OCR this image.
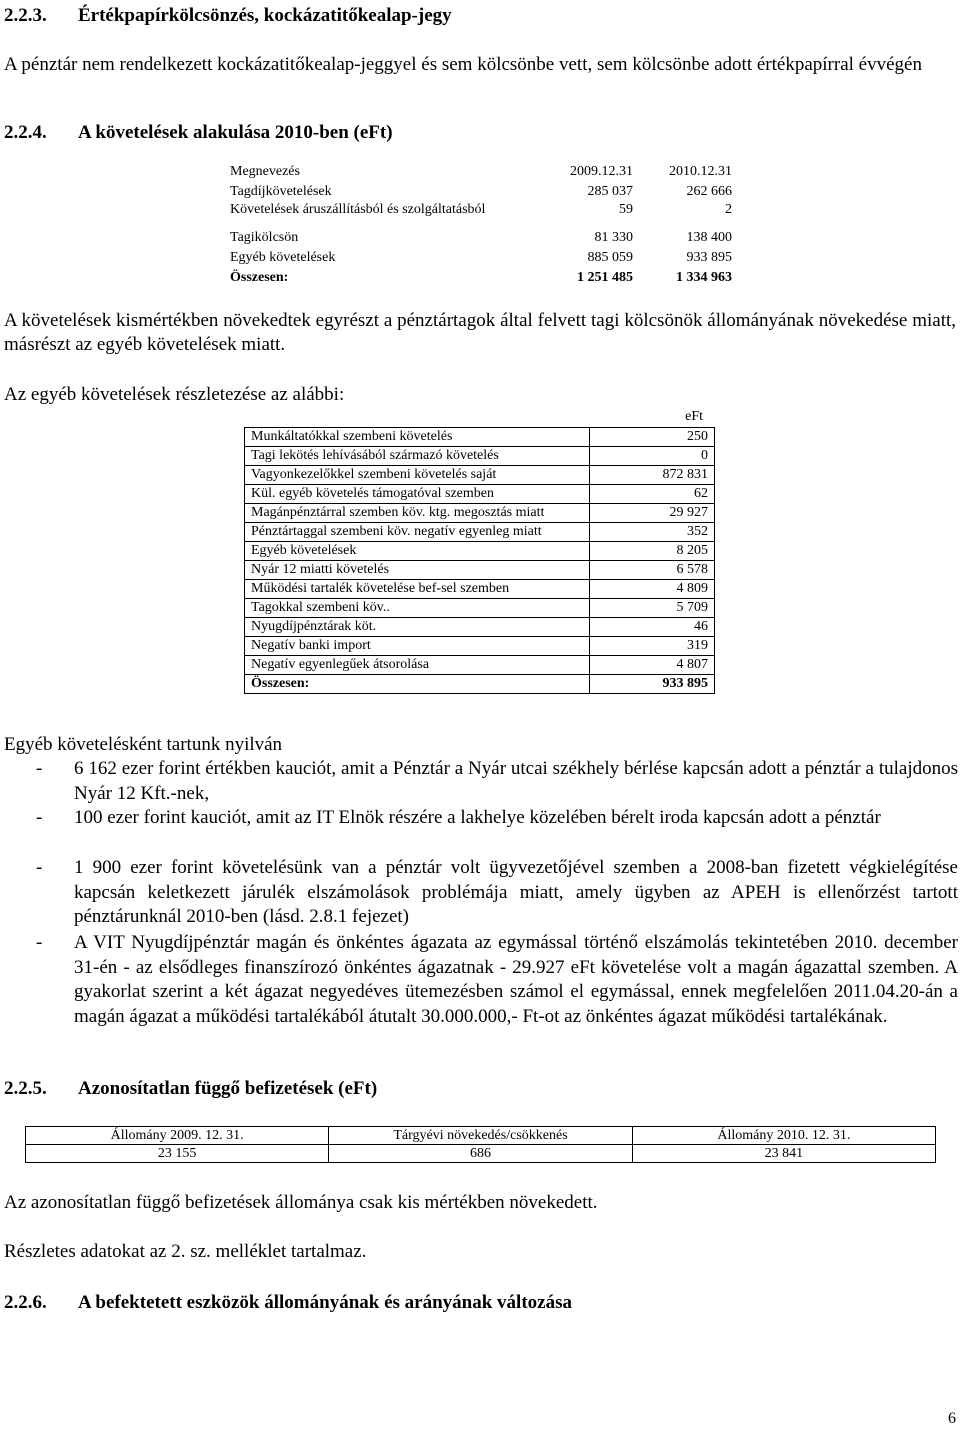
2.2.3. Értékpapírkölcsönzés, kockázatitőkealap-jegy
A pénztár nem rendelkezett kockázatitőkealap-jeggyel és sem kölcsönbe vett, sem kölcsönbe adott értékpapírral évvégén
2.2.4. A követelések alakulása 2010-ben (eFt)
Megnevezés	2009.12.31	2010.12.31
Tagdíjkövetelések	285 037	262 666
Követelések áruszállításból és szolgáltatásból	59	2
Tagikölcsön	81 330	138 400
Egyéb követelések	885 059	933 895
Összesen:	1 251 485	1 334 963
A követelések kismértékben növekedtek egyrészt a pénztártagok által felvett tagi kölcsönök állományának növekedése miatt, másrészt az egyéb követelések miatt.
Az egyéb követelések részletezése az alábbi:
eFt
Munkáltatókkal szembeni követelés	250
Tagi lekötés lehívásából származó követelés	0
Vagyonkezelőkkel szembeni követelés saját	872 831
Kül. egyéb követelés támogatóval szemben	62
Magánpénztárral szemben köv. ktg. megosztás miatt	29 927
Pénztártaggal szembeni köv. negatív egyenleg miatt	352
Egyéb követelések	8 205
Nyár 12 miatti követelés	6 578
Működési tartalék követelése bef-sel szemben	4 809
Tagokkal szembeni köv..	5 709
Nyugdíjpénztárak köt.	46
Negatív banki import	319
Negatív egyenlegűek átsorolása	4 807
Összesen:	933 895
Egyéb követelésként tartunk nyilván
- 6 162 ezer forint értékben kauciót, amit a Pénztár a Nyár utcai székhely bérlése kapcsán adott a pénztár a tulajdonos Nyár 12 Kft.-nek,
- 100 ezer forint kauciót, amit az IT Elnök részére a lakhelye közelében bérelt iroda kapcsán adott a pénztár
- 1 900 ezer forint követelésünk van a pénztár volt ügyvezetőjével szemben a 2008-ban fizetett végkielégítése kapcsán keletkezett járulék elszámolások problémája miatt, amely ügyben az APEH is ellenőrzést tartott pénztárunknál 2010-ben (lásd. 2.8.1 fejezet)
- A VIT Nyugdíjpénztár magán és önkéntes ágazata az egymással történő elszámolás tekintetében 2010. december 31-én - az elsődleges finanszírozó önkéntes ágazatnak - 29.927 eFt követelése volt a magán ágazattal szemben. A gyakorlat szerint a két ágazat negyedéves ütemezésben számol el egymással, ennek megfelelően 2011.04.20-án a magán ágazat a működési tartalékából átutalt 30.000.000,- Ft-ot az önkéntes ágazat működési tartalékának.
2.2.5. Azonosítatlan függő befizetések (eFt)
Állomány 2009. 12. 31.	Tárgyévi növekedés/csökkenés	Állomány 2010. 12. 31.
23 155	686	23 841
Az azonosítatlan függő befizetések állománya csak kis mértékben növekedett.
Részletes adatokat az 2. sz. melléklet tartalmaz.
2.2.6. A befektetett eszközök állományának és arányának változása
6
